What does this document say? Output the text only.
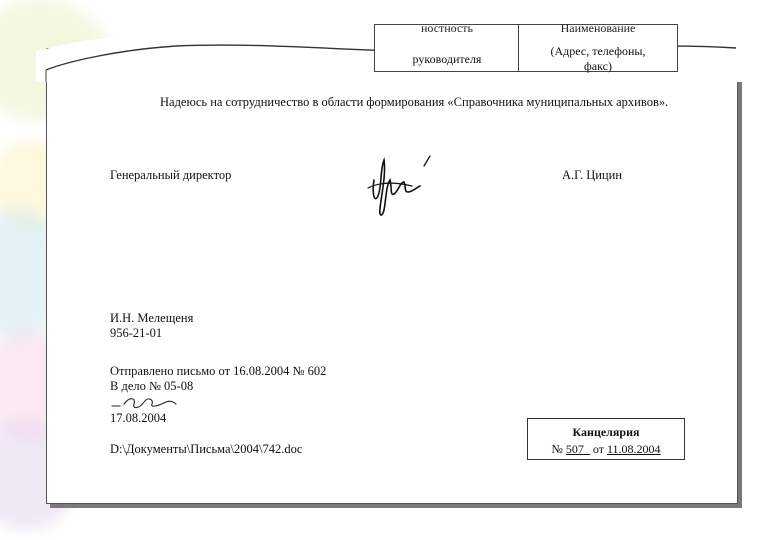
ностность
руководителя
Наименование
(Адрес, телефоны,
факс)
Надеюсь на сотрудничество в области формирования «Справочника муниципальных архивов».
Генеральный директор	А.Г. Цицин
И.Н. Мелещеня
956-21-01
Отправлено письмо от 16.08.2004 № 602
В дело № 05-08
17.08.2004
D:\Документы\Письма\2004\742.doc
Канцелярия
№ 507 от 11.08.2004
